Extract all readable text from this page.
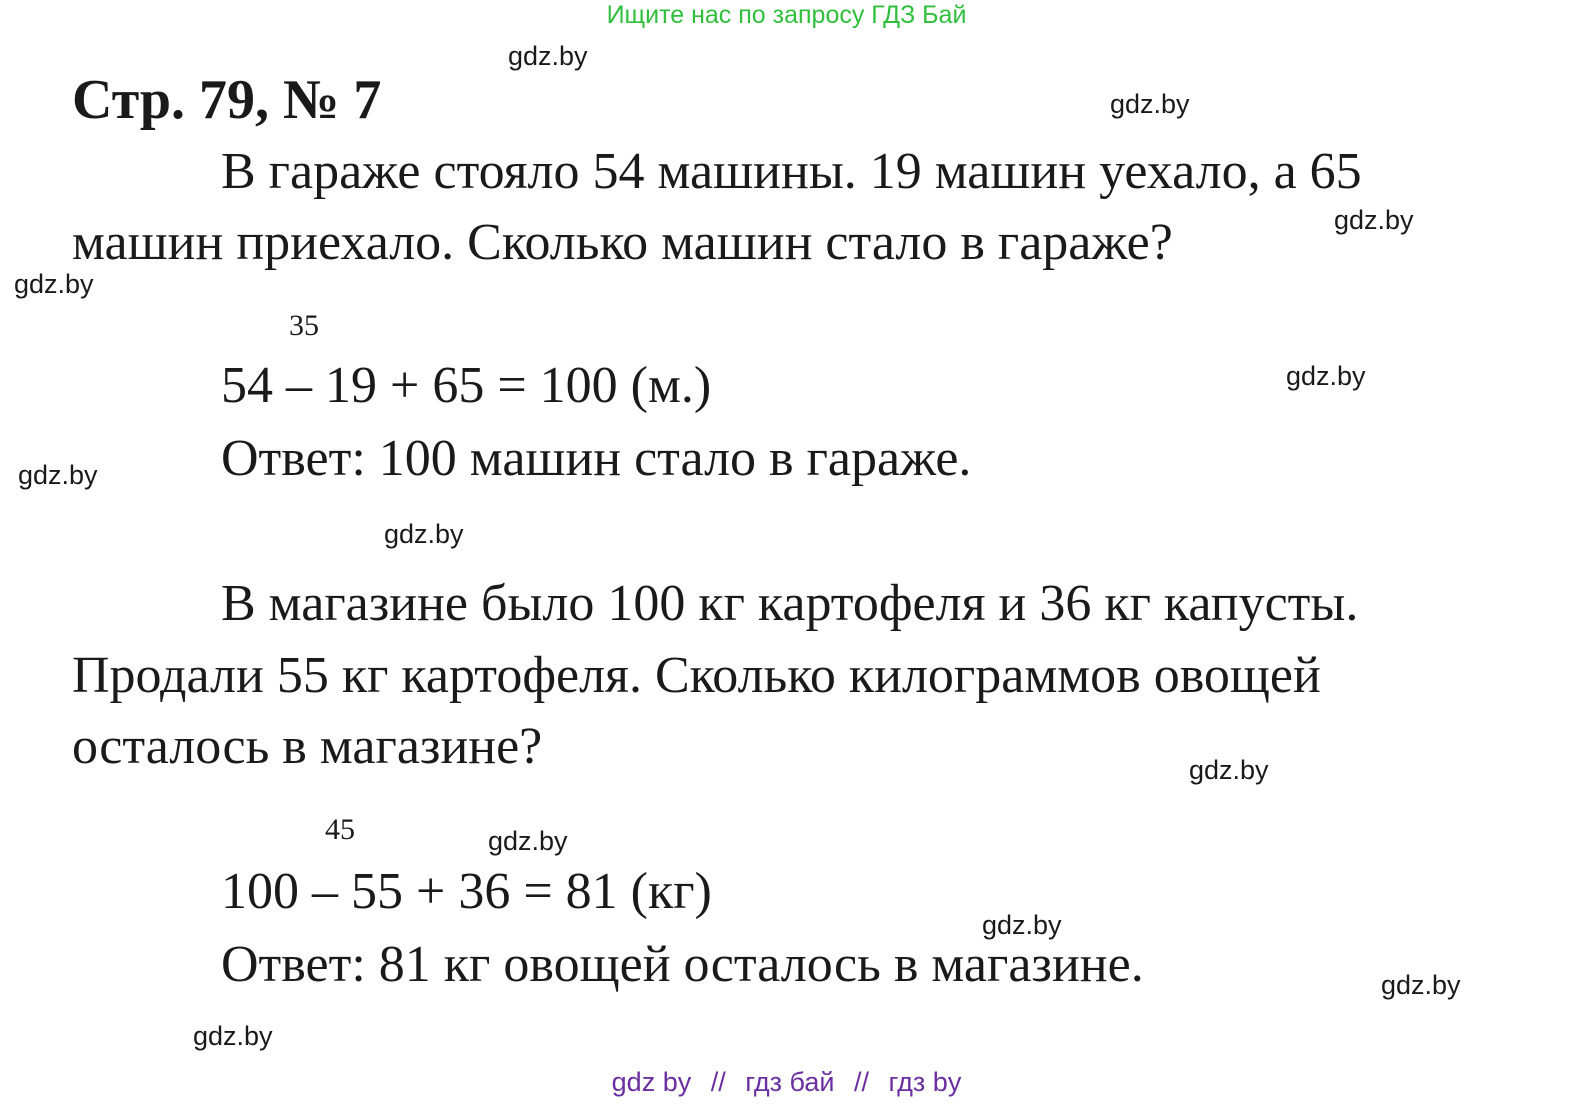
Ищите нас по запросу ГДЗ Бай
Стр. 79, № 7
В гараже стояло 54 машины. 19 машин уехало, а 65
машин приехало. Сколько машин стало в гараже?
35
54 – 19 + 65 = 100 (м.)
Ответ: 100 машин стало в гараже.
В магазине было 100 кг картофеля и 36 кг капусты.
Продали 55 кг картофеля. Сколько килограммов овощей
осталось в магазине?
45
100 – 55 + 36 = 81 (кг)
Ответ: 81 кг овощей осталось в магазине.
gdz.by
gdz.by
gdz.by
gdz.by
gdz.by
gdz.by
gdz.by
gdz.by
gdz.by
gdz.by
gdz.by
gdz.by
gdz by // гдз бай // гдз by
